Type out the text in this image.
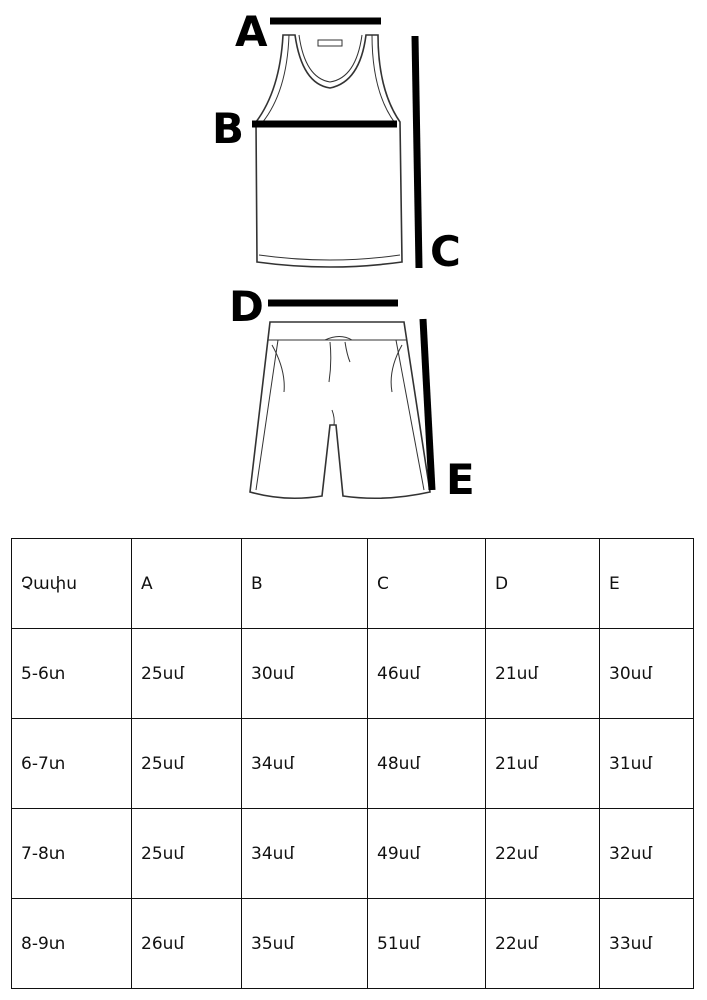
A
B
C
D
E
Չափս	A	B	C	D	E
5-6տ	25սմ	30սմ	46սմ	21սմ	30սմ
6-7տ	25սմ	34սմ	48սմ	21սմ	31սմ
7-8տ	25սմ	34սմ	49սմ	22սմ	32սմ
8-9տ	26սմ	35սմ	51սմ	22սմ	33սմ
